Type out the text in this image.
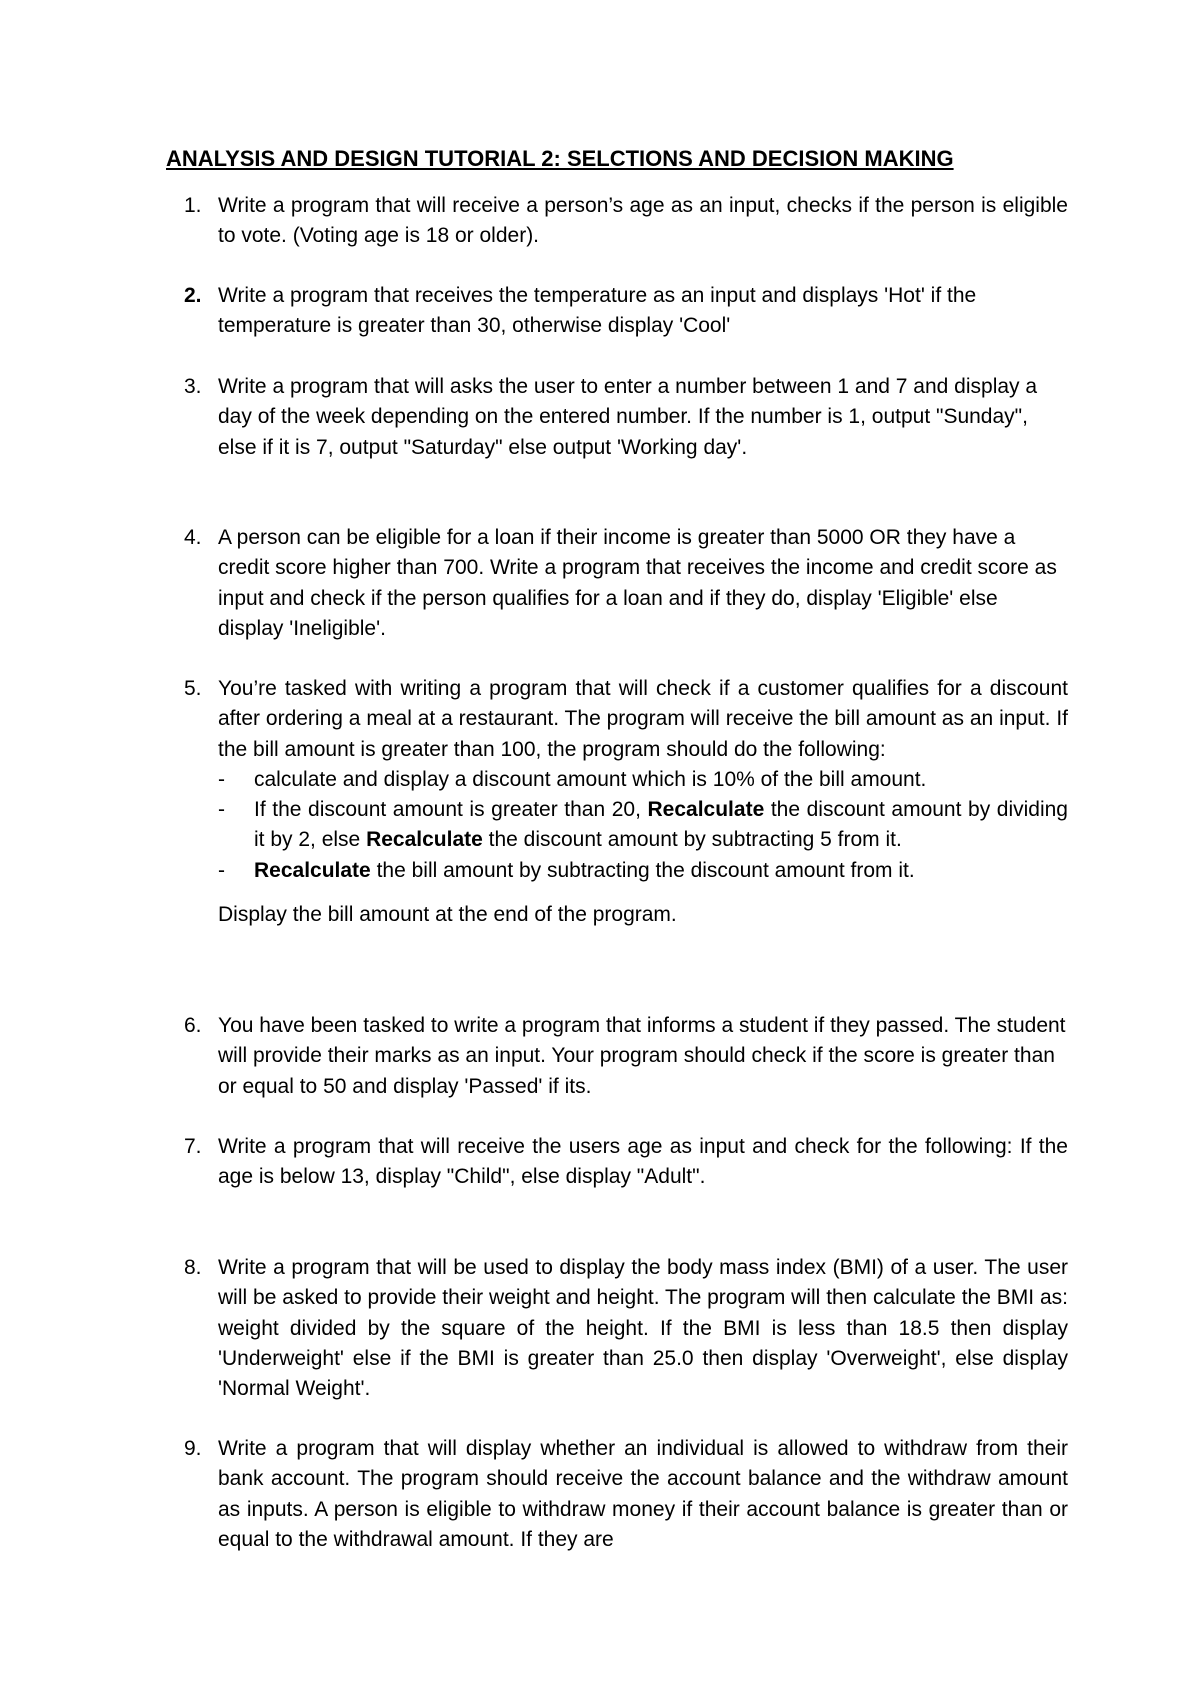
ANALYSIS AND DESIGN TUTORIAL 2: SELCTIONS AND DECISION MAKING
1. Write a program that will receive a person’s age as an input, checks if the person is eligible to vote. (Voting age is 18 or older).
2. Write a program that receives the temperature as an input and displays 'Hot' if the temperature is greater than 30, otherwise display 'Cool'
3. Write a program that will asks the user to enter a number between 1 and 7 and display a day of the week depending on the entered number. If the number is 1, output "Sunday", else if it is 7, output "Saturday" else output 'Working day'.
4. A person can be eligible for a loan if their income is greater than 5000 OR they have a credit score higher than 700. Write a program that receives the income and credit score as input and check if the person qualifies for a loan and if they do, display 'Eligible' else display 'Ineligible'.
5. You’re tasked with writing a program that will check if a customer qualifies for a discount after ordering a meal at a restaurant. The program will receive the bill amount as an input. If the bill amount is greater than 100, the program should do the following:
- calculate and display a discount amount which is 10% of the bill amount.
- If the discount amount is greater than 20, Recalculate the discount amount by dividing it by 2, else Recalculate the discount amount by subtracting 5 from it.
- Recalculate the bill amount by subtracting the discount amount from it.
Display the bill amount at the end of the program.
6. You have been tasked to write a program that informs a student if they passed. The student will provide their marks as an input. Your program should check if the score is greater than or equal to 50 and display 'Passed' if its.
7. Write a program that will receive the users age as input and check for the following: If the age is below 13, display "Child", else display "Adult".
8. Write a program that will be used to display the body mass index (BMI) of a user. The user will be asked to provide their weight and height. The program will then calculate the BMI as: weight divided by the square of the height. If the BMI is less than 18.5 then display 'Underweight' else if the BMI is greater than 25.0 then display 'Overweight', else display 'Normal Weight'.
9. Write a program that will display whether an individual is allowed to withdraw from their bank account. The program should receive the account balance and the withdraw amount as inputs. A person is eligible to withdraw money if their account balance is greater than or equal to the withdrawal amount. If they are
